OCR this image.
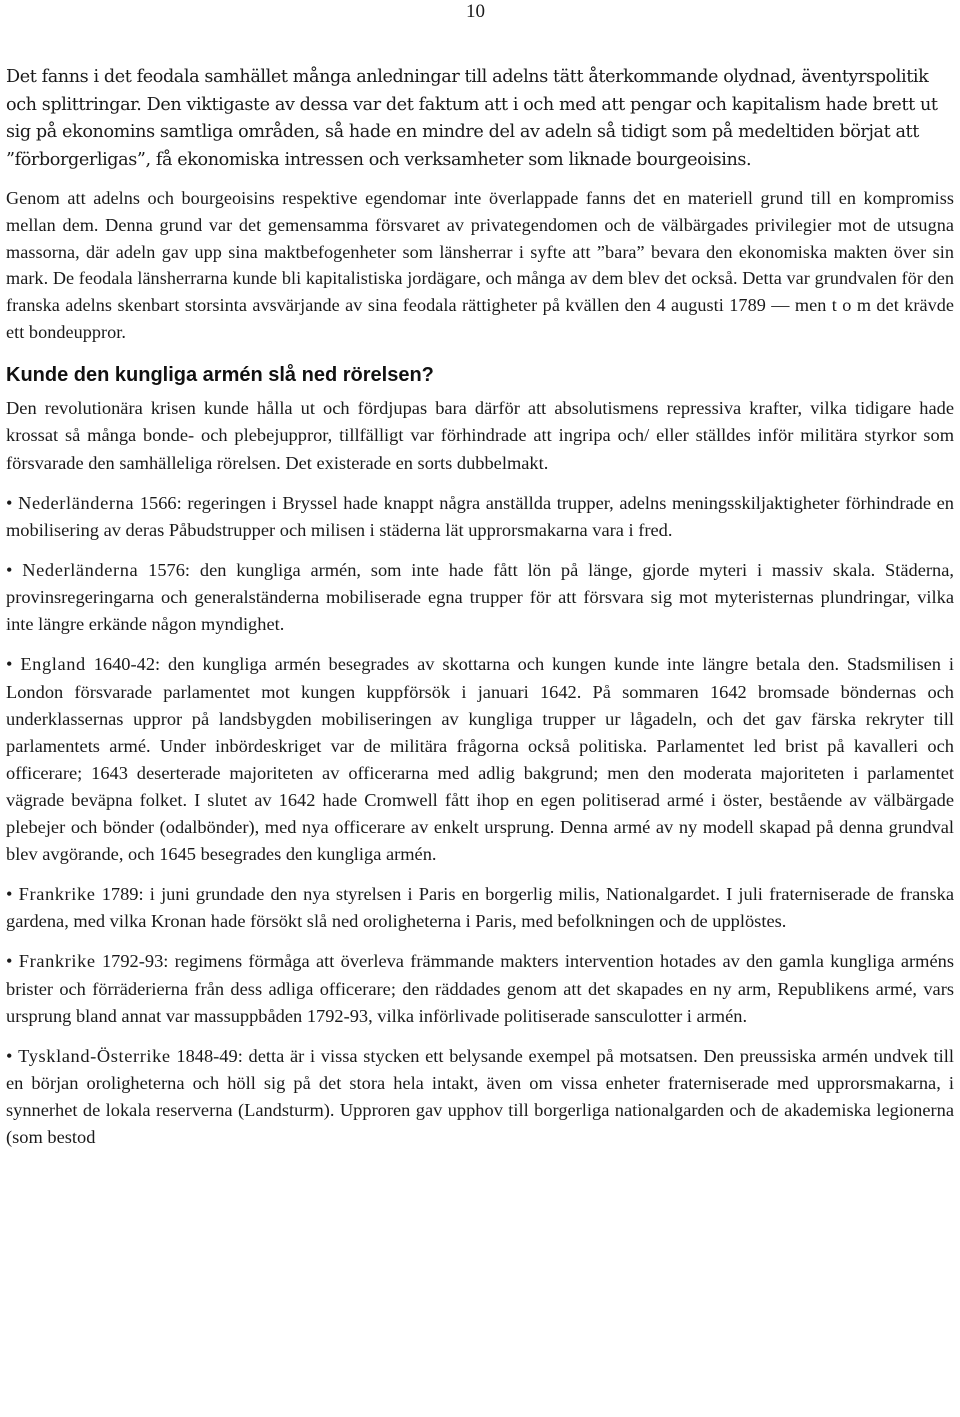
10

Det fanns i det feodala samhället många anledningar till adelns tätt återkommande olydnad, äventyrspolitik och splittringar. Den viktigaste av dessa var det faktum att i och med att pengar och kapitalism hade brett ut sig på ekonomins samtliga områden, så hade en mindre del av adeln så tidigt som på medeltiden börjat att ”förborgerligas”, få ekonomiska intressen och verksamheter som liknade bourgeoisins.

Genom att adelns och bourgeoisins respektive egendomar inte överlappade fanns det en materiell grund till en kompromiss mellan dem. Denna grund var det gemensamma försvaret av privategendomen och de välbärgades privilegier mot de utsugna massorna, där adeln gav upp sina maktbefogenheter som länsherrar i syfte att ”bara” bevara den ekonomiska makten över sin mark. De feodala länsherrarna kunde bli kapitalistiska jordägare, och många av dem blev det också. Detta var grundvalen för den franska adelns skenbart storsinta avsvärjande av sina feodala rättigheter på kvällen den 4 augusti 1789 — men t o m det krävde ett bondeuppror.

Kunde den kungliga armén slå ned rörelsen?

Den revolutionära krisen kunde hålla ut och fördjupas bara därför att absolutismens repressiva krafter, vilka tidigare hade krossat så många bonde- och plebejuppror, tillfälligt var förhindrade att ingripa och/ eller ställdes inför militära styrkor som försvarade den samhälleliga rörelsen. Det existerade en sorts dubbelmakt.

• Nederländerna 1566: regeringen i Bryssel hade knappt några anställda trupper, adelns meningsskiljaktigheter förhindrade en mobilisering av deras Påbudstrupper och milisen i städerna lät upprorsmakarna vara i fred.

• Nederländerna 1576: den kungliga armén, som inte hade fått lön på länge, gjorde myteri i massiv skala. Städerna, provinsregeringarna och generalständerna mobiliserade egna trupper för att försvara sig mot myteristernas plundringar, vilka inte längre erkände någon myndighet.

• England 1640-42: den kungliga armén besegrades av skottarna och kungen kunde inte längre betala den. Stadsmilisen i London försvarade parlamentet mot kungen kuppförsök i januari 1642. På sommaren 1642 bromsade böndernas och underklassernas uppror på landsbygden mobiliseringen av kungliga trupper ur lågadeln, och det gav färska rekryter till parlamentets armé. Under inbördeskriget var de militära frågorna också politiska. Parlamentet led brist på kavalleri och officerare; 1643 deserterade majoriteten av officerarna med adlig bakgrund; men den moderata majoriteten i parlamentet vägrade beväpna folket. I slutet av 1642 hade Cromwell fått ihop en egen politiserad armé i öster, bestående av välbärgade plebejer och bönder (odalbönder), med nya officerare av enkelt ursprung. Denna armé av ny modell skapad på denna grundval blev avgörande, och 1645 besegrades den kungliga armén.

• Frankrike 1789: i juni grundade den nya styrelsen i Paris en borgerlig milis, Nationalgardet. I juli fraterniserade de franska gardena, med vilka Kronan hade försökt slå ned oroligheterna i Paris, med befolkningen och de upplöstes.

• Frankrike 1792-93: regimens förmåga att överleva främmande makters intervention hotades av den gamla kungliga arméns brister och förräderierna från dess adliga officerare; den räddades genom att det skapades en ny arm, Republikens armé, vars ursprung bland annat var massuppbåden 1792-93, vilka införlivade politiserade sansculotter i armén.

• Tyskland-Österrike 1848-49: detta är i vissa stycken ett belysande exempel på motsatsen. Den preussiska armén undvek till en början oroligheterna och höll sig på det stora hela intakt, även om vissa enheter fraterniserade med upprorsmakarna, i synnerhet de lokala reserverna (Landsturm). Upproren gav upphov till borgerliga nationalgarden och de akademiska legionerna (som bestod
